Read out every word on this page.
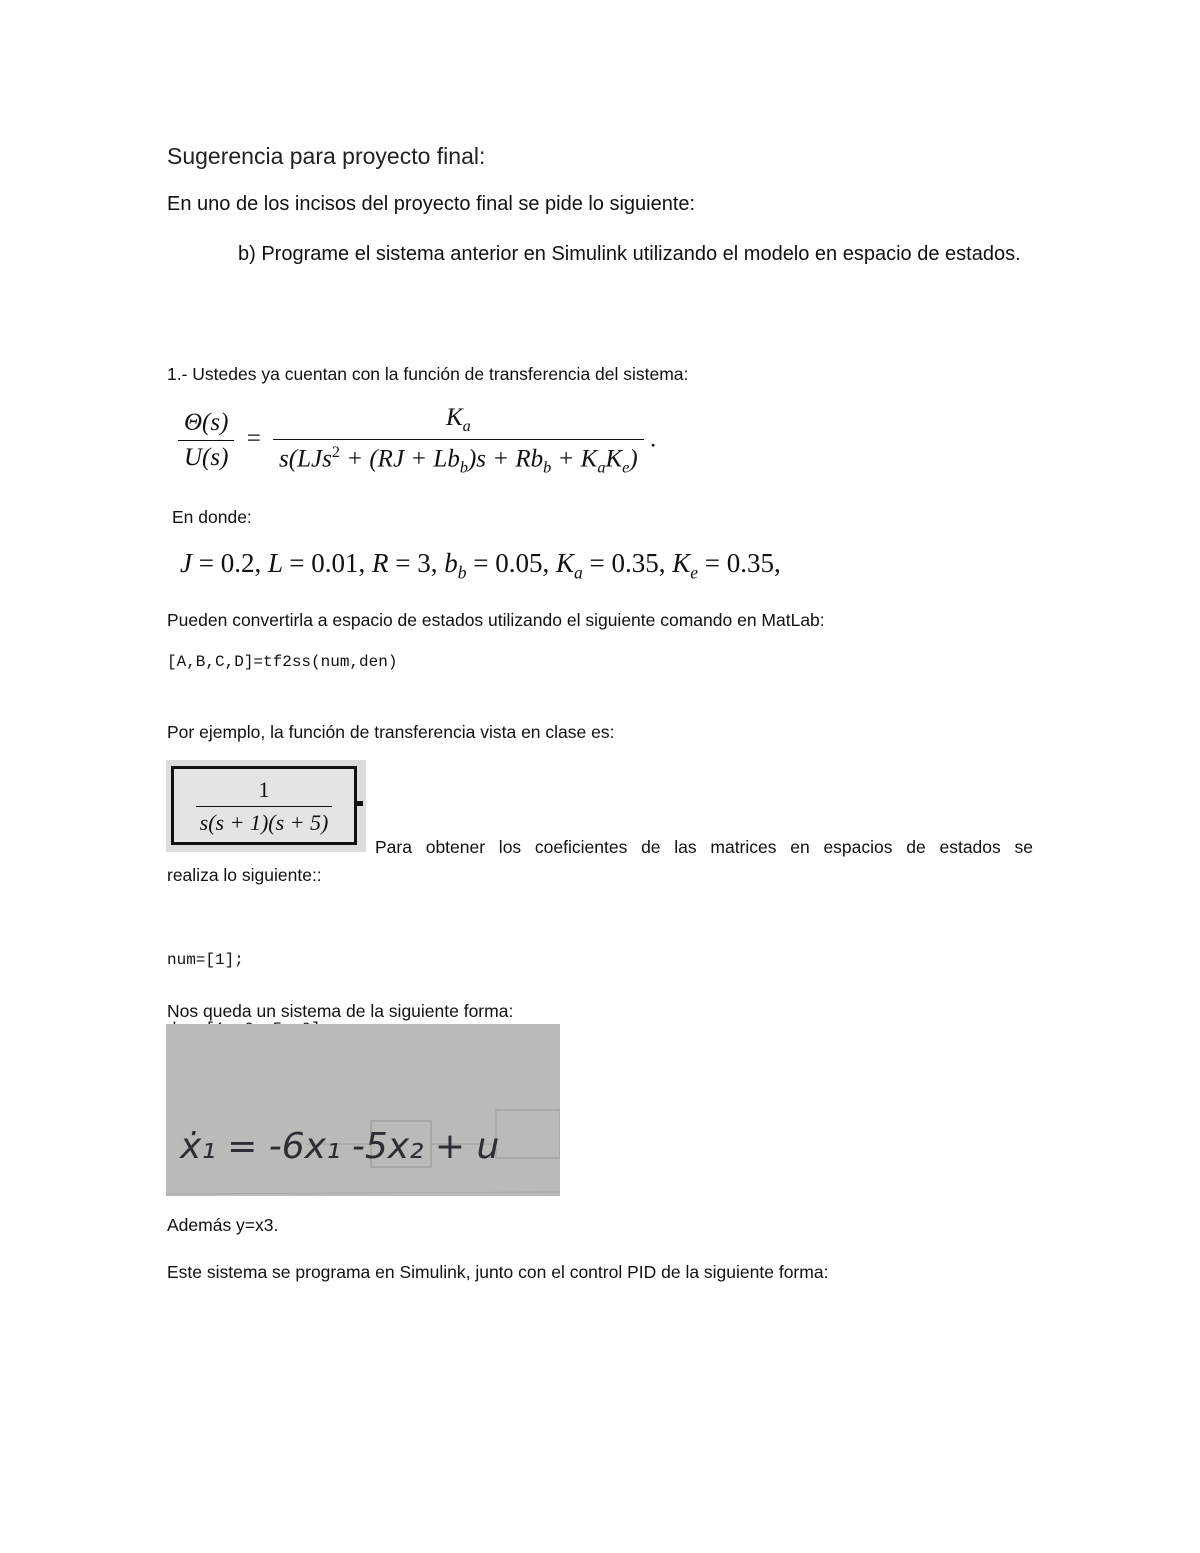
Sugerencia para proyecto final:
En uno de los incisos del proyecto final se pide lo siguiente:
b) Programe el sistema anterior en Simulink utilizando el modelo en espacio de estados.
1.- Ustedes ya cuentan con la función de transferencia del sistema:
$\frac{\Theta(s)}{U(s)} = \frac{K_a}{s(LJs^2 + (RJ + Lb_b)s + Rb_b + K_aK_e)}$ .
En donde:
J = 0.2, L = 0.01, R = 3, $b_b = 0.05$, $K_a = 0.35$, $K_e = 0.35$,
Pueden convertirla a espacio de estados utilizando el siguiente comando en MatLab:
[A,B,C,D]=tf2ss(num,den)
Por ejemplo, la función de transferencia vista en clase es:
$\frac{1}{s(s + 1)(s + 5)}$
Para obtener los coeficientes de las matrices en espacios de estados se
realiza lo siguiente::

num=[1];

Nos queda un sistema de la siguiente forma:

ẋ₁ = -6x₁ -5x₂ + u

Además y=x3.
Este sistema se programa en Simulink, junto con el control PID de la siguiente forma:
